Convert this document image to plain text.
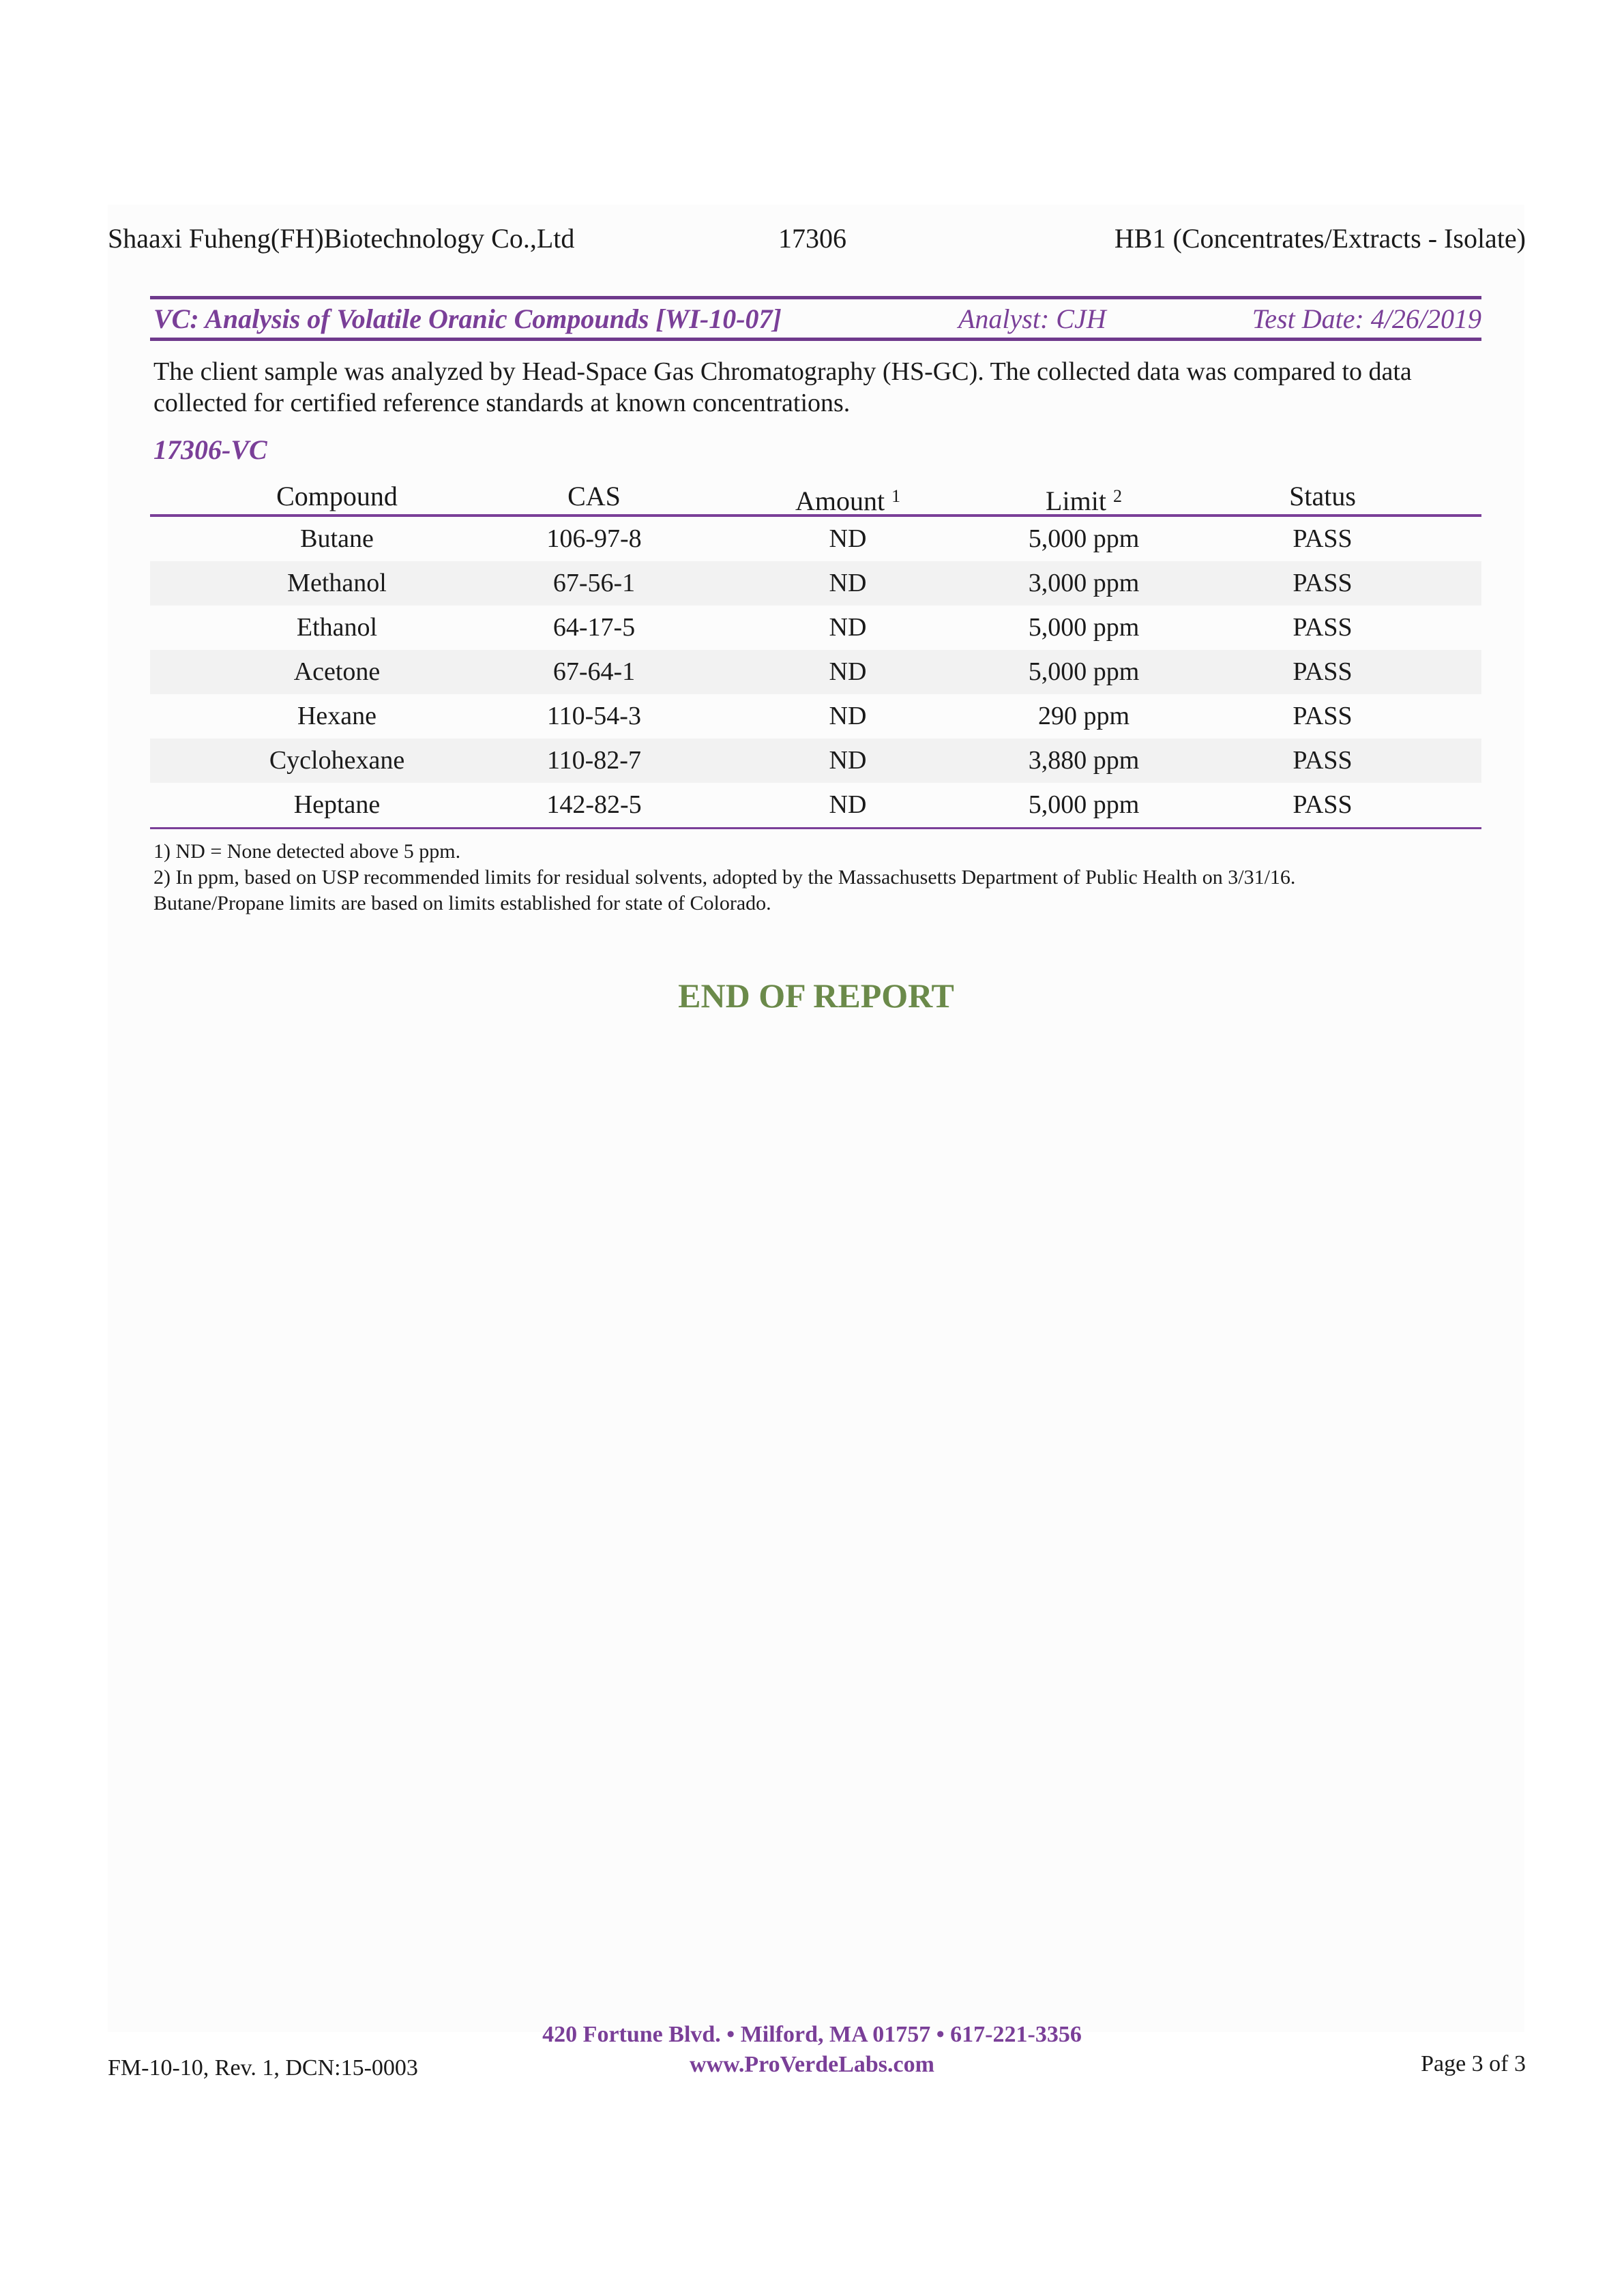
Shaaxi Fuheng(FH)Biotechnology Co.,Ltd	17306	HB1 (Concentrates/Extracts - Isolate)
VC: Analysis of Volatile Oranic Compounds [WI-10-07]	Analyst: CJH	Test Date: 4/26/2019
The client sample was analyzed by Head-Space Gas Chromatography (HS-GC). The collected data was compared to data collected for certified reference standards at known concentrations.
17306-VC
Compound	CAS	Amount $^1$	Limit $^2$	Status
Butane	106-97-8	ND	5,000 ppm	PASS
Methanol	67-56-1	ND	3,000 ppm	PASS
Ethanol	64-17-5	ND	5,000 ppm	PASS
Acetone	67-64-1	ND	5,000 ppm	PASS
Hexane	110-54-3	ND	290 ppm	PASS
Cyclohexane	110-82-7	ND	3,880 ppm	PASS
Heptane	142-82-5	ND	5,000 ppm	PASS
1) ND = None detected above 5 ppm.
2) In ppm, based on USP recommended limits for residual solvents, adopted by the Massachusetts Department of Public Health on 3/31/16.
Butane/Propane limits are based on limits established for state of Colorado.
END OF REPORT
FM-10-10, Rev. 1, DCN:15-0003
420 Fortune Blvd. • Milford, MA 01757 • 617-221-3356
www.ProVerdeLabs.com	Page 3 of 3
